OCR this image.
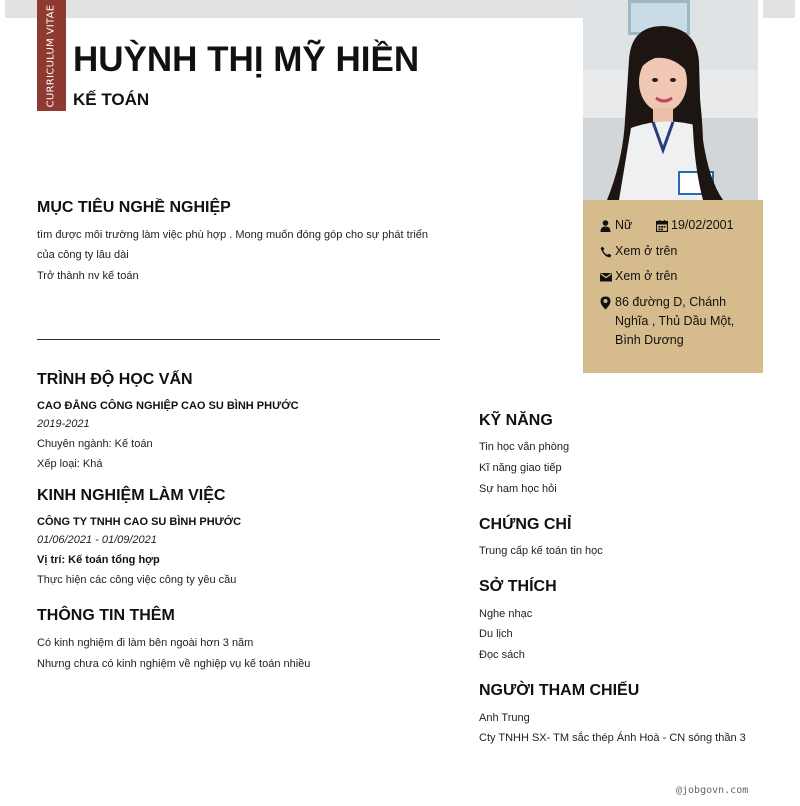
CURRICULUM VITAE HUỲNH THỊ MỸ HIỀN
KẾ TOÁN
Nữ	19/02/2001
Xem ở trên
Xem ở trên
86 đường D, Chánh
Nghĩa , Thủ Dầu Một,
Bình Dương
MỤC TIÊU NGHỀ NGHIỆP

tìm được môi trường làm việc phù hợp . Mong muốn đóng góp cho sự phát triển của công ty lâu dài

Trở thành nv kế toán

TRÌNH ĐỘ HỌC VẤN

CAO ĐẲNG CÔNG NGHIỆP CAO SU BÌNH PHƯỚC

2019-2021

Chuyên ngành: Kế toán

Xếp loại: Khá

KINH NGHIỆM LÀM VIỆC

CÔNG TY TNHH CAO SU BÌNH PHƯỚC

01/06/2021 - 01/09/2021

Vị trí: Kế toán tổng hợp

Thực hiện các công việc công ty yêu cầu

THÔNG TIN THÊM

Có kinh nghiệm đi làm bên ngoài hơn 3 năm

Nhưng chưa có kinh nghiệm về nghiệp vụ kế toán nhiều

KỸ NĂNG

Tin học văn phòng

Kĩ năng giao tiếp

Sự ham học hỏi

CHỨNG CHỈ

Trung cấp kế toán tin học

SỞ THÍCH

Nghe nhạc

Du lịch

Đọc sách

NGƯỜI THAM CHIẾU

Anh Trung

Cty TNHH SX- TM sắc thép Ánh Hoà - CN sóng thần 3

@jobgovn.com
